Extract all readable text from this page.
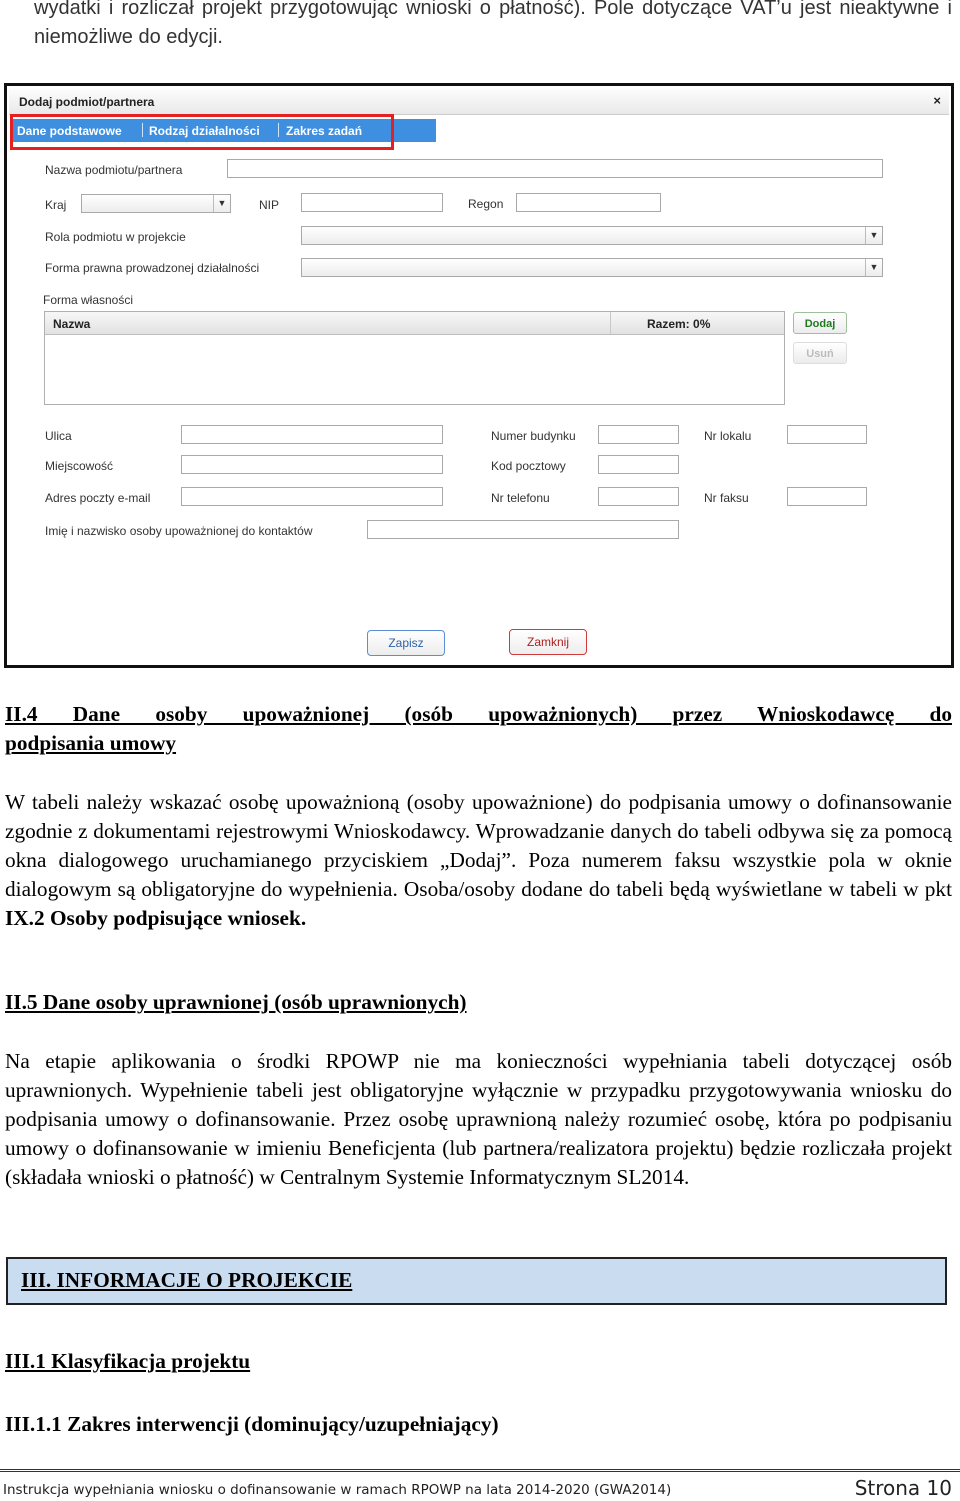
wydatki i rozliczał projekt przygotowując wnioski o płatność). Pole dotyczące VAT’u jest nieaktywne i niemożliwe do edycji.
Dodaj podmiot/partnera	×
Dane podstawowe Rodzaj działalności Zakres zadań
Nazwa podmiotu/partnera
Kraj	▼	NIP	Regon
Rola podmiotu w projekcie	▼
Forma prawna prowadzonej działalności	▼
Forma własności
Nazwa	Razem: 0%	Dodaj
Usuń
Ulica	Numer budynku	Nr lokalu
Miejscowość	Kod pocztowy
Adres poczty e-mail	Nr telefonu	Nr faksu
Imię i nazwisko osoby upoważnionej do kontaktów
Zapisz	Zamknij
II.4 Dane osoby upoważnionej (osób upoważnionych) przez Wnioskodawcę do
podpisania umowy
W tabeli należy wskazać osobę upoważnioną (osoby upoważnione) do podpisania umowy o dofinansowanie zgodnie z dokumentami rejestrowymi Wnioskodawcy. Wprowadzanie danych do tabeli odbywa się za pomocą okna dialogowego uruchamianego przyciskiem „Dodaj”. Poza numerem faksu wszystkie pola w oknie dialogowym są obligatoryjne do wypełnienia. Osoba/osoby dodane do tabeli będą wyświetlane w tabeli w pkt IX.2 Osoby podpisujące wniosek.
II.5 Dane osoby uprawnionej (osób uprawnionych)
Na etapie aplikowania o środki RPOWP nie ma konieczności wypełniania tabeli dotyczącej osób uprawnionych. Wypełnienie tabeli jest obligatoryjne wyłącznie w przypadku przygotowywania wniosku do podpisania umowy o dofinansowanie. Przez osobę uprawnioną należy rozumieć osobę, która po podpisaniu umowy o dofinansowanie w imieniu Beneficjenta (lub partnera/realizatora projektu) będzie rozliczała projekt (składała wnioski o płatność) w Centralnym Systemie Informatycznym SL2014.
III. INFORMACJE O PROJEKCIE
III.1 Klasyfikacja projektu
III.1.1 Zakres interwencji (dominujący/uzupełniający)
Instrukcja wypełniania wniosku o dofinansowanie w ramach RPOWP na lata 2014-2020 (GWA2014)	Strona 10
